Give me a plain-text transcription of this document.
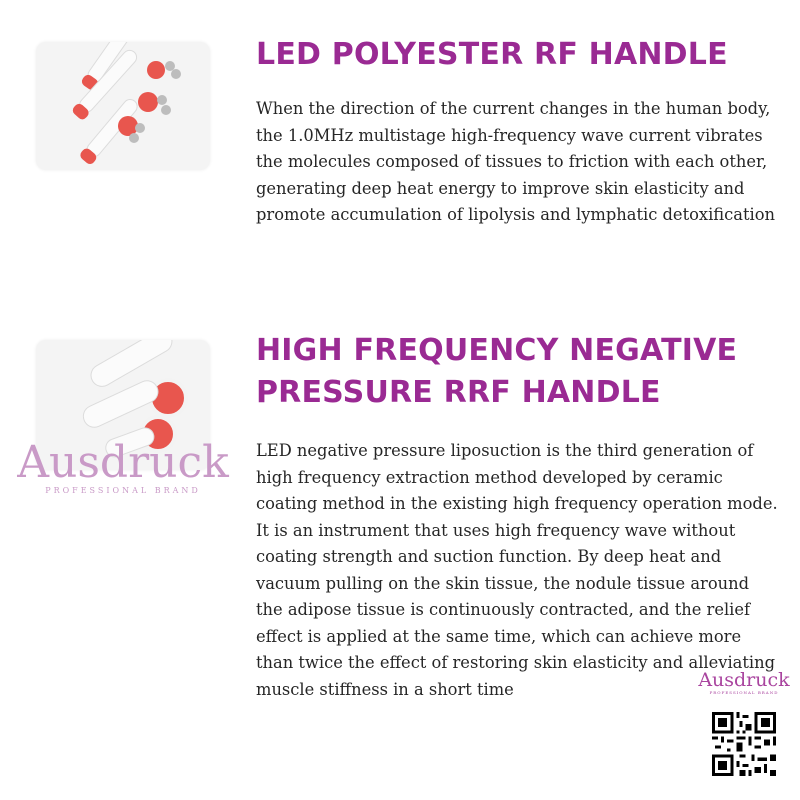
LED POLYESTER RF HANDLE

When the direction of the current changes in the human body, the 1.0MHz multistage high-frequency wave current vibrates the molecules composed of tissues to friction with each other, generating deep heat energy to improve skin elasticity and promote accumulation of lipolysis and lymphatic detoxification

HIGH FREQUENCY NEGATIVE PRESSURE RRF HANDLE

LED negative pressure liposuction is the third generation of high frequency extraction method developed by ceramic coating method in the existing high frequency operation mode. It is an instrument that uses high frequency wave without coating strength and suction function. By deep heat and vacuum pulling on the skin tissue, the nodule tissue around the adipose tissue is continuously contracted, and the relief effect is applied at the same time, which can achieve more than twice the effect of restoring skin elasticity and alleviating muscle stiffness in a short time

Ausdruck
PROFESSIONAL BRAND
Ausdruck
PROFESSIONAL BRAND
